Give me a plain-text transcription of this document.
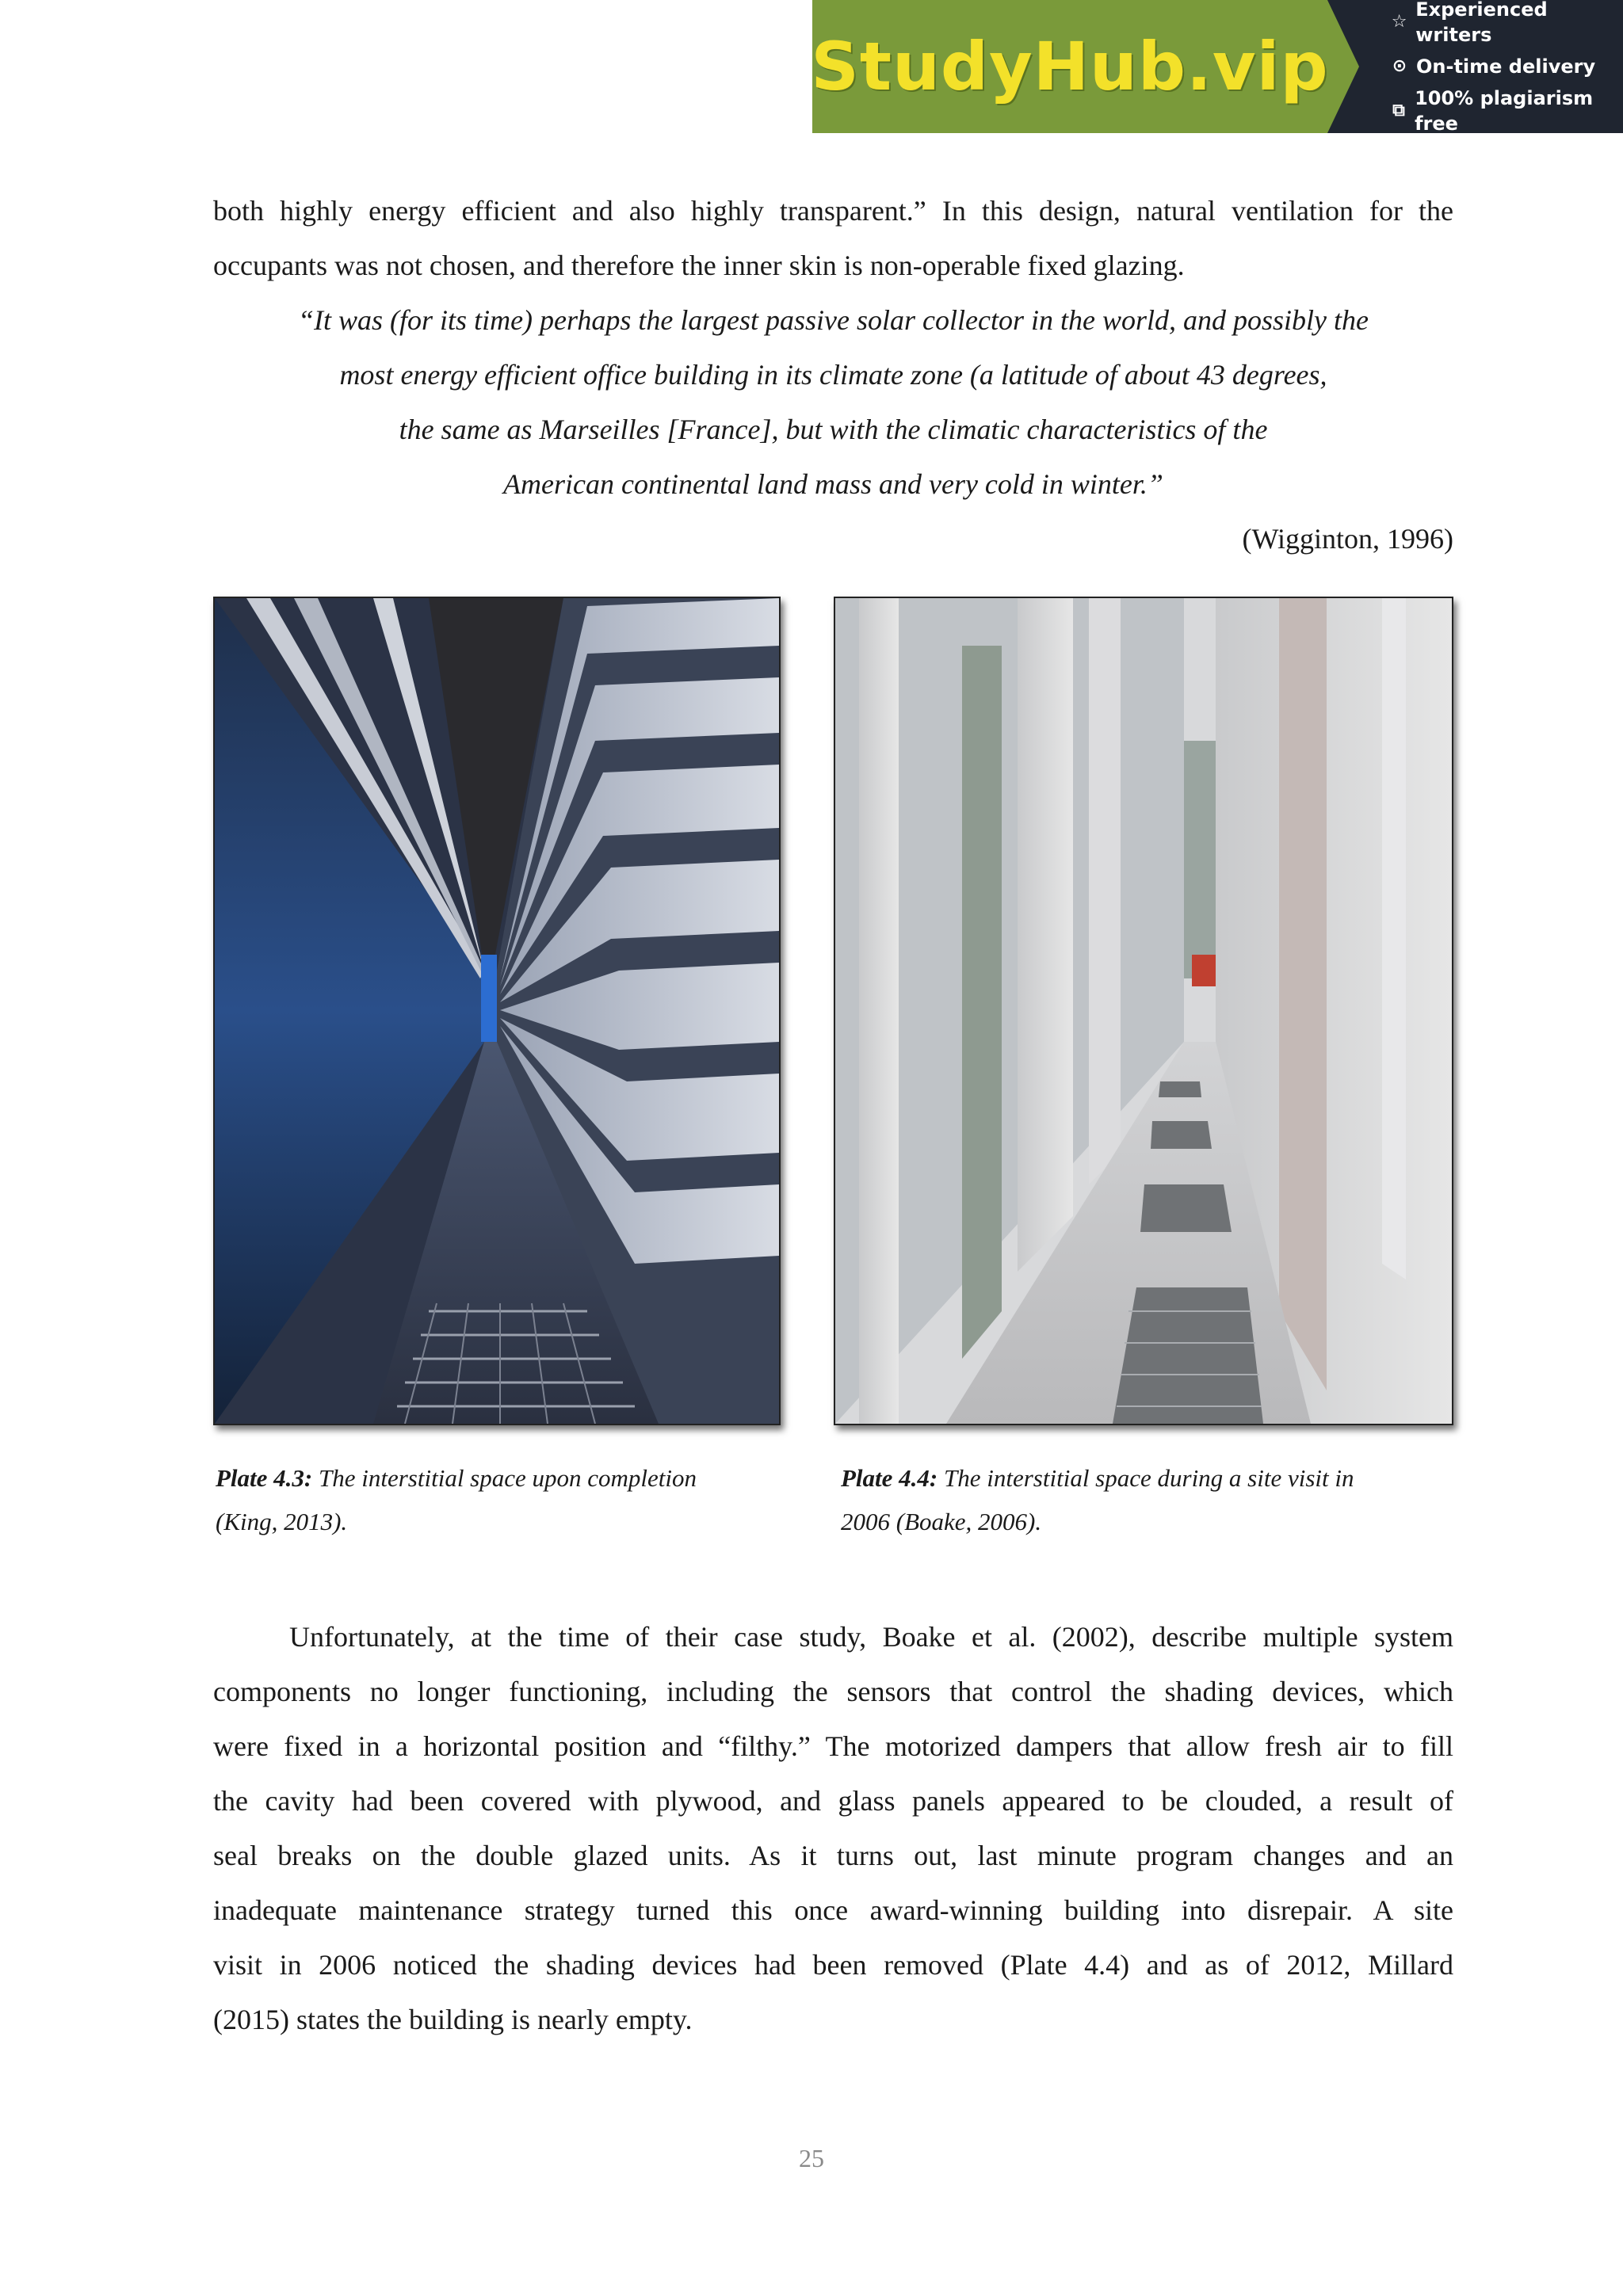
StudyHub.vip
☆
Experienced writers
⊙ On-time delivery
⧉
100% plagiarism free
both highly energy efficient and also highly transparent.” In this design, natural ventilation for the
occupants was not chosen, and therefore the inner skin is non-operable fixed glazing.
“It was (for its time) perhaps the largest passive solar collector in the world, and possibly the
most energy efficient office building in its climate zone (a latitude of about 43 degrees,
the same as Marseilles [France], but with the climatic characteristics of the
American continental land mass and very cold in winter.”
(Wigginton, 1996)
Plate 4.3: The interstitial space upon completion
(King, 2013).
Plate 4.4: The interstitial space during a site visit in
2006 (Boake, 2006).
Unfortunately, at the time of their case study, Boake et al. (2002), describe multiple system
components no longer functioning, including the sensors that control the shading devices, which
were fixed in a horizontal position and “filthy.” The motorized dampers that allow fresh air to fill
the cavity had been covered with plywood, and glass panels appeared to be clouded, a result of
seal breaks on the double glazed units. As it turns out, last minute program changes and an
inadequate maintenance strategy turned this once award-winning building into disrepair. A site
visit in 2006 noticed the shading devices had been removed (Plate 4.4) and as of 2012, Millard
(2015) states the building is nearly empty.
25
